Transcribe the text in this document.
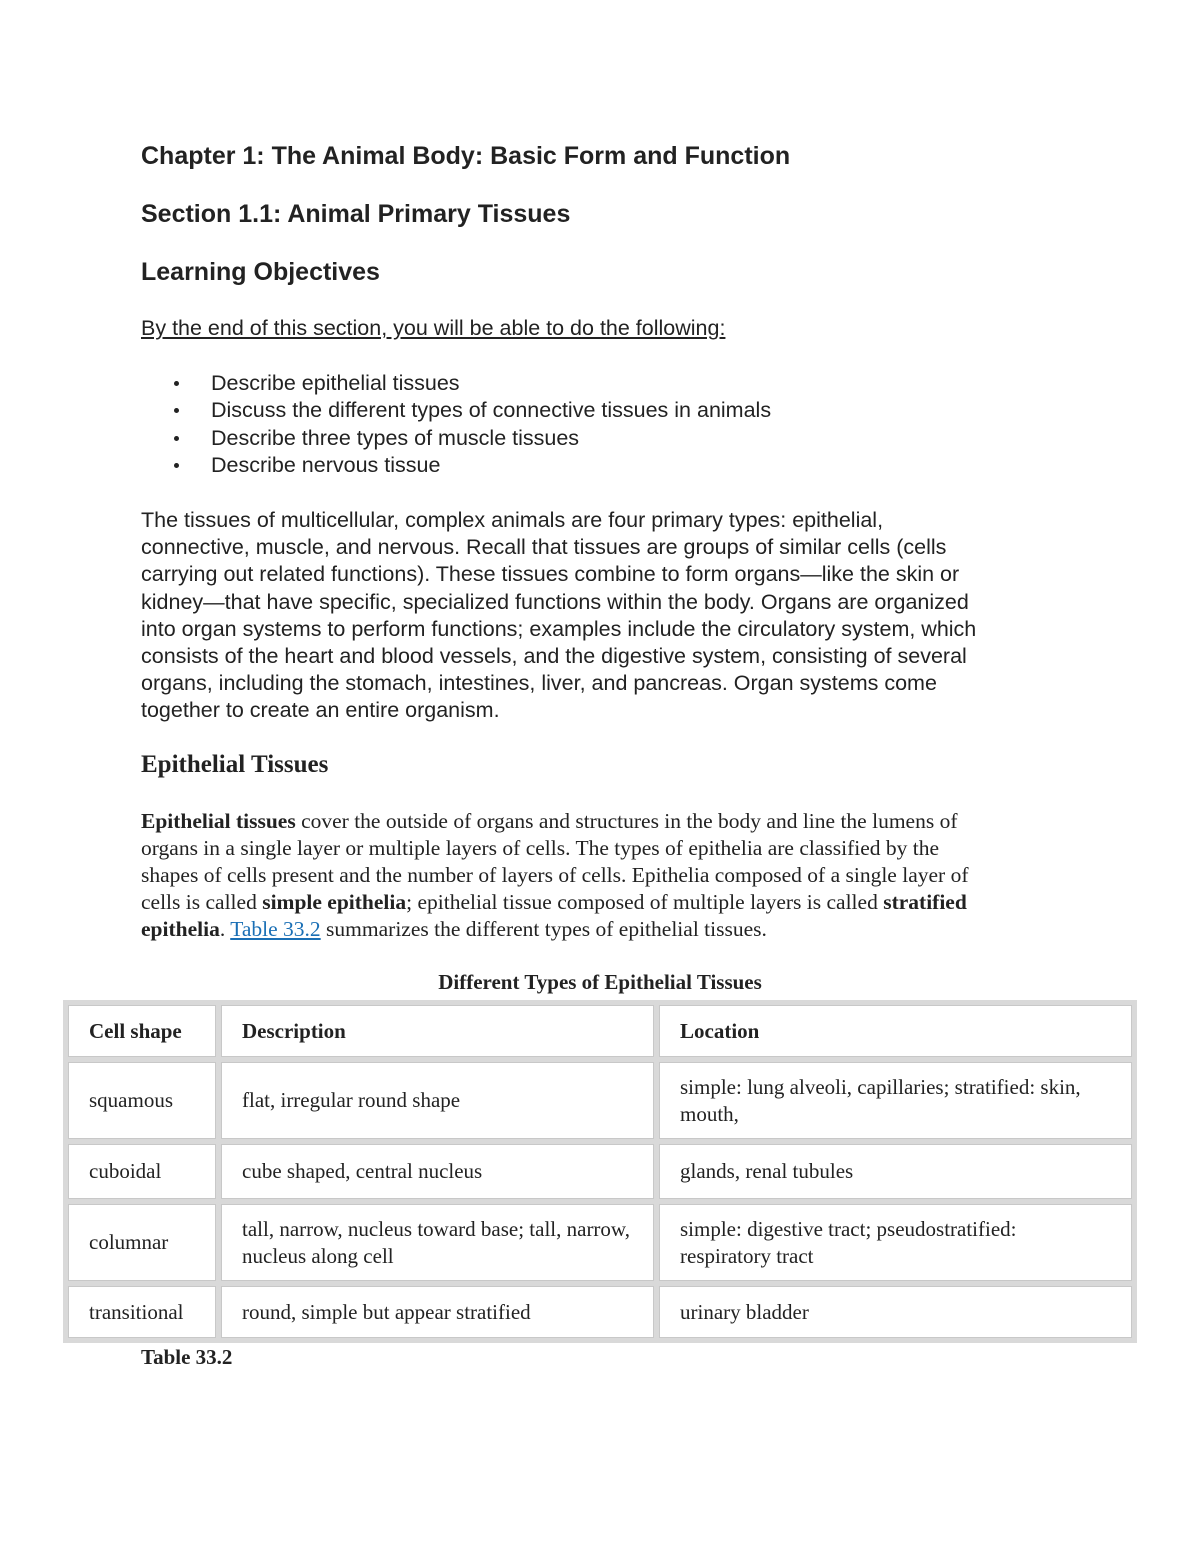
Chapter 1: The Animal Body: Basic Form and Function
Section 1.1: Animal Primary Tissues
Learning Objectives

By the end of this section, you will be able to do the following:

Describe epithelial tissues
Discuss the different types of connective tissues in animals
Describe three types of muscle tissues
Describe nervous tissue

The tissues of multicellular, complex animals are four primary types: epithelial,
connective, muscle, and nervous. Recall that tissues are groups of similar cells (cells
carrying out related functions). These tissues combine to form organs—like the skin or
kidney—that have specific, specialized functions within the body. Organs are organized
into organ systems to perform functions; examples include the circulatory system, which
consists of the heart and blood vessels, and the digestive system, consisting of several
organs, including the stomach, intestines, liver, and pancreas. Organ systems come
together to create an entire organism.

Epithelial Tissues

Epithelial tissues cover the outside of organs and structures in the body and line the lumens of
organs in a single layer or multiple layers of cells. The types of epithelia are classified by the
shapes of cells present and the number of layers of cells. Epithelia composed of a single layer of
cells is called simple epithelia; epithelial tissue composed of multiple layers is called stratified
epithelia. Table 33.2 summarizes the different types of epithelial tissues.

Different Types of Epithelial Tissues

Cell shape	Description	Location
squamous	flat, irregular round shape	simple: lung alveoli, capillaries; stratified: skin, mouth,
cuboidal	cube shaped, central nucleus	glands, renal tubules
columnar	tall, narrow, nucleus toward base; tall, narrow, nucleus along cell	simple: digestive tract; pseudostratified: respiratory tract
transitional	round, simple but appear stratified	urinary bladder

Table 33.2
